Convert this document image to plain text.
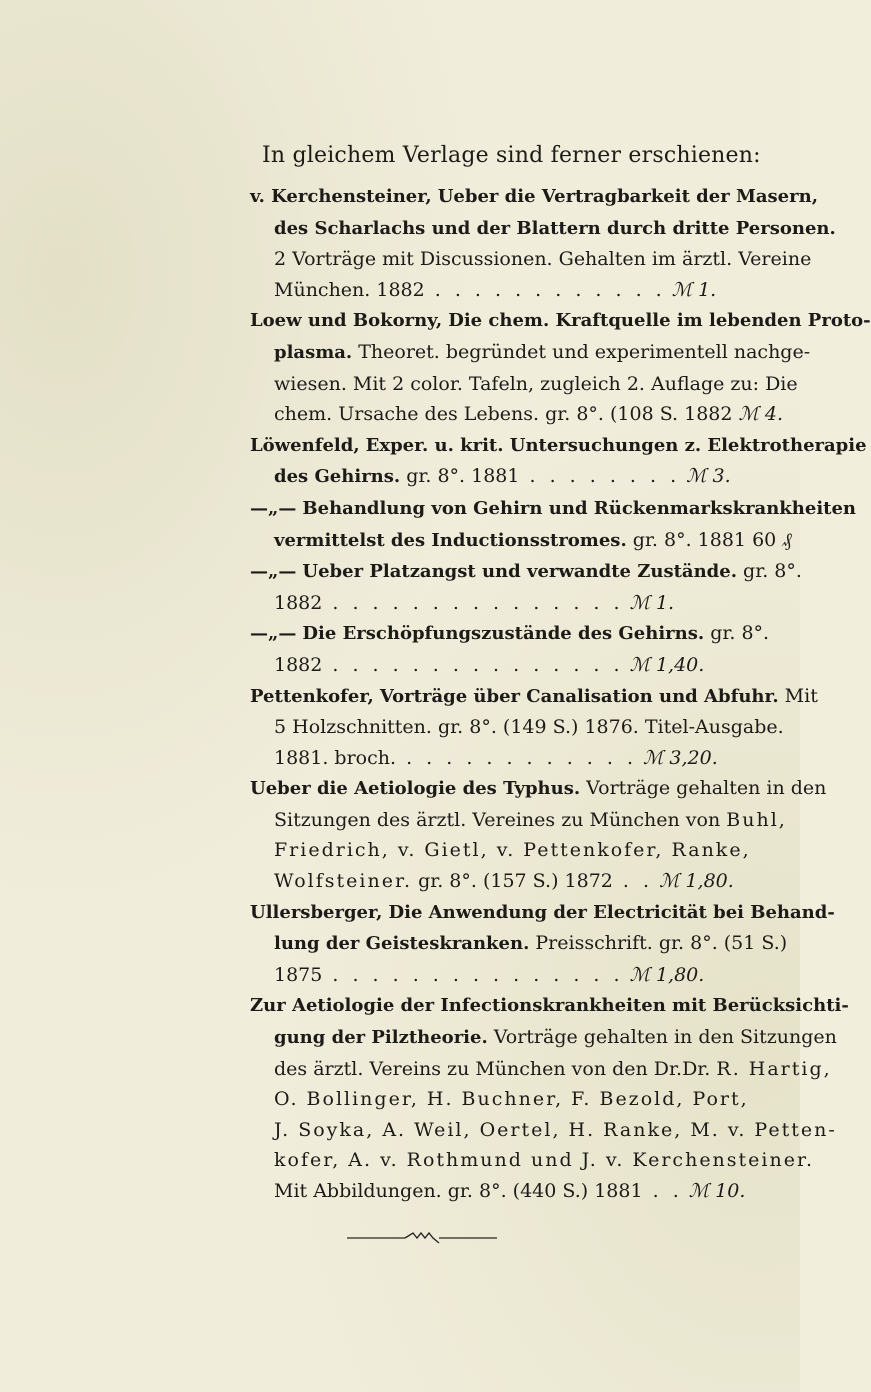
In gleichem Verlage sind ferner erschienen:

v. Kerchensteiner, Ueber die Vertragbarkeit der Masern,
des Scharlachs und der Blattern durch dritte Personen.
2 Vorträge mit Discussionen. Gehalten im ärztl. Vereine
München. 1882 . . . . . . . . . . . . ℳ 1.

Loew und Bokorny, Die chem. Kraftquelle im lebenden Proto-
plasma. Theoret. begründet und experimentell nachge-
wiesen. Mit 2 color. Tafeln, zugleich 2. Auflage zu: Die
chem. Ursache des Lebens. gr. 8°. (108 S. 1882 ℳ 4.

Löwenfeld, Exper. u. krit. Untersuchungen z. Elektrotherapie
des Gehirns. gr. 8°. 1881 . . . . . . . . ℳ 3.

—„— Behandlung von Gehirn und Rückenmarkskrankheiten
vermittelst des Inductionsstromes. gr. 8°. 1881 60 ₰

—„— Ueber Platzangst und verwandte Zustände. gr. 8°.
1882 . . . . . . . . . . . . . . . ℳ 1.

—„— Die Erschöpfungszustände des Gehirns. gr. 8°.
1882 . . . . . . . . . . . . . . . ℳ 1,40.

Pettenkofer, Vorträge über Canalisation und Abfuhr. Mit
5 Holzschnitten. gr. 8°. (149 S.) 1876. Titel-Ausgabe.
1881. broch. . . . . . . . . . . . . ℳ 3,20.

Ueber die Aetiologie des Typhus. Vorträge gehalten in den
Sitzungen des ärztl. Vereines zu München von Buhl,
Friedrich, v. Gietl, v. Pettenkofer, Ranke,
Wolfsteiner. gr. 8°. (157 S.) 1872 . . ℳ 1,80.

Ullersberger, Die Anwendung der Electricität bei Behand-
lung der Geisteskranken. Preisschrift. gr. 8°. (51 S.)
1875 . . . . . . . . . . . . . . . ℳ 1,80.

Zur Aetiologie der Infectionskrankheiten mit Berücksichti-
gung der Pilztheorie. Vorträge gehalten in den Sitzungen
des ärztl. Vereins zu München von den Dr.Dr. R. Hartig,
O. Bollinger, H. Buchner, F. Bezold, Port,
J. Soyka, A. Weil, Oertel, H. Ranke, M. v. Petten-
kofer, A. v. Rothmund und J. v. Kerchensteiner.
Mit Abbildungen. gr. 8°. (440 S.) 1881 . . ℳ 10.
